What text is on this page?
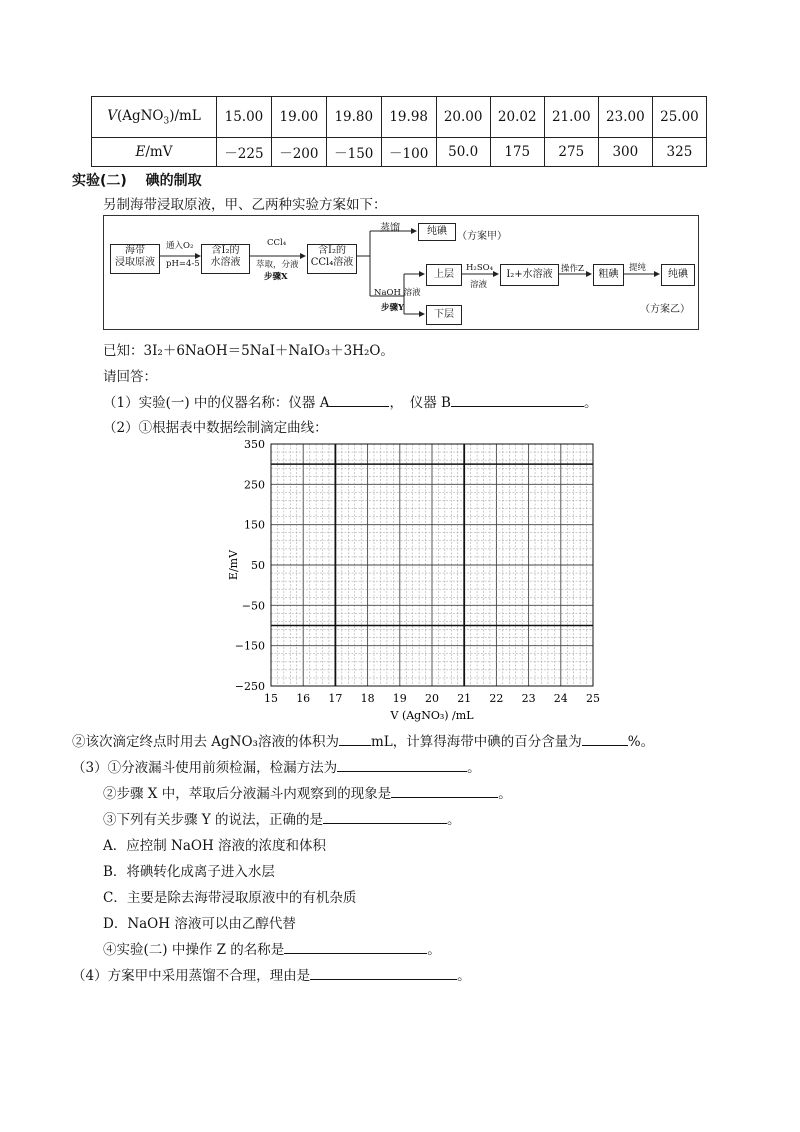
V(AgNO$_3$)/mL	15.00	19.00	19.80	19.98	20.00	20.02	21.00	23.00	25.00
E/mV	－225	－200	－150	－100	50.0	175	275	300	325
实验(二)　 碘的制取
另制海带浸取原液，甲、乙两种实验方案如下：
海带
浸取原液
通入O₂
pH=4-5
含I₂的
水溶液
CCl₄
萃取，分液
步骤X
含I₂的
CCl₄溶液
蒸馏	纯碘	（方案甲）
NaOH 溶液
步骤Y
上层
H₂SO₄
溶液
I₂+水溶液 操作Z	粗碘
提纯
纯碘
（方案乙）
下层
已知：3I₂＋6NaOH＝5NaI＋NaIO₃＋3H₂O。
请回答：
（1）实验(一) 中的仪器名称：仪器 A	，　仪器 B	。
（2）①根据表中数据绘制滴定曲线：
15 16 17 18 19 20 21 22 23 24 25
350
250
150
50
−50
−150
−250
V (AgNO₃) /mL
E/mV
②该次滴定终点时用去 AgNO₃溶液的体积为 mL，计算得海带中碘的百分含量为	%。
（3）①分液漏斗使用前须检漏，检漏方法为	。
②步骤 X 中，萃取后分液漏斗内观察到的现象是	。
③下列有关步骤 Y 的说法，正确的是	。
A．应控制 NaOH 溶液的浓度和体积
B．将碘转化成离子进入水层
C．主要是除去海带浸取原液中的有机杂质
D．NaOH 溶液可以由乙醇代替
④实验(二) 中操作 Z 的名称是	。
（4）方案甲中采用蒸馏不合理，理由是	。
